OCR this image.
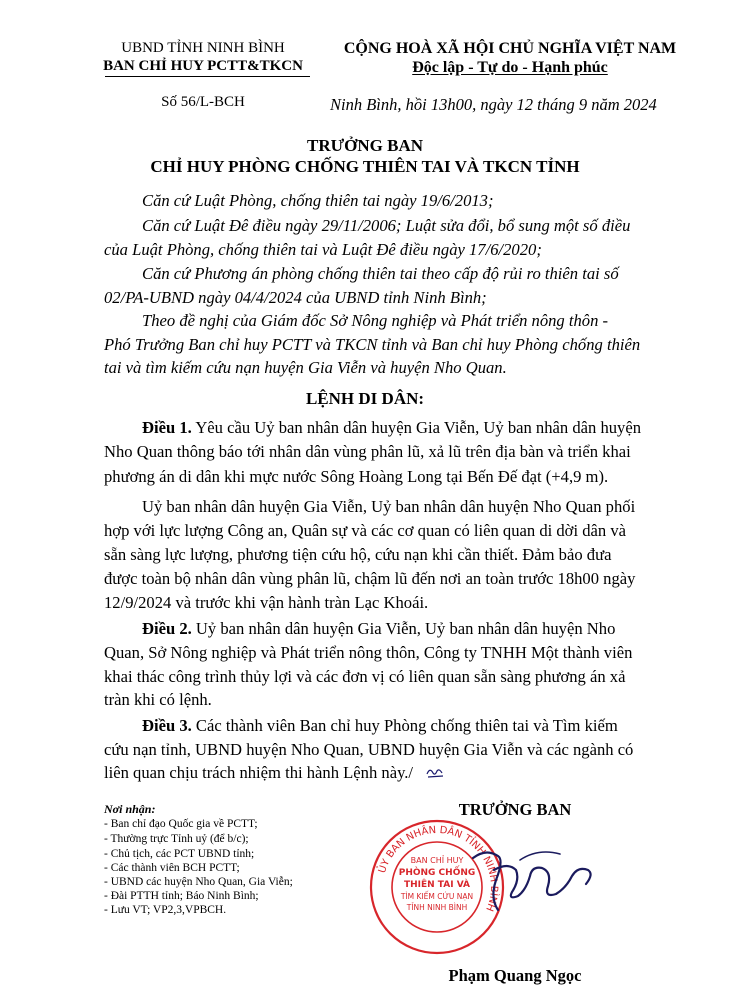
UBND TỈNH NINH BÌNH
BAN CHỈ HUY PCTT&TKCN
Số 56/L-BCH
CỘNG HOÀ XÃ HỘI CHỦ NGHĨA VIỆT NAM
Độc lập - Tự do - Hạnh phúc
Ninh Bình, hồi 13h00, ngày 12 tháng 9 năm 2024
TRƯỞNG BAN
CHỈ HUY PHÒNG CHỐNG THIÊN TAI VÀ TKCN TỈNH
Căn cứ Luật Phòng, chống thiên tai ngày 19/6/2013;
Căn cứ Luật Đê điều ngày 29/11/2006; Luật sửa đổi, bổ sung một số điều
của Luật Phòng, chống thiên tai và Luật Đê điều ngày 17/6/2020;
Căn cứ Phương án phòng chống thiên tai theo cấp độ rủi ro thiên tai số
02/PA-UBND ngày 04/4/2024 của UBND tỉnh Ninh Bình;
Theo đề nghị của Giám đốc Sở Nông nghiệp và Phát triển nông thôn -
Phó Trưởng Ban chỉ huy PCTT và TKCN tỉnh và Ban chỉ huy Phòng chống thiên
tai và tìm kiếm cứu nạn huyện Gia Viễn và huyện Nho Quan.
LỆNH DI DÂN:
Điều 1. Yêu cầu Uỷ ban nhân dân huyện Gia Viễn, Uỷ ban nhân dân huyện
Nho Quan thông báo tới nhân dân vùng phân lũ, xả lũ trên địa bàn và triển khai
phương án di dân khi mực nước Sông Hoàng Long tại Bến Đế đạt (+4,9 m).
Uỷ ban nhân dân huyện Gia Viễn, Uỷ ban nhân dân huyện Nho Quan phối
hợp với lực lượng Công an, Quân sự và các cơ quan có liên quan di dời dân và
sẵn sàng lực lượng, phương tiện cứu hộ, cứu nạn khi cần thiết. Đảm bảo đưa
được toàn bộ nhân dân vùng phân lũ, chậm lũ đến nơi an toàn trước 18h00 ngày
12/9/2024 và trước khi vận hành tràn Lạc Khoái.
Điều 2. Uỷ ban nhân dân huyện Gia Viễn, Uỷ ban nhân dân huyện Nho
Quan, Sở Nông nghiệp và Phát triển nông thôn, Công ty TNHH Một thành viên
khai thác công trình thủy lợi và các đơn vị có liên quan sẵn sàng phương án xả
tràn khi có lệnh.
Điều 3. Các thành viên Ban chỉ huy Phòng chống thiên tai và Tìm kiếm
cứu nạn tỉnh, UBND huyện Nho Quan, UBND huyện Gia Viễn và các ngành có
liên quan chịu trách nhiệm thi hành Lệnh này./
Nơi nhận:
- Ban chỉ đạo Quốc gia về PCTT;
- Thường trực Tỉnh uỷ (để b/c);
- Chủ tịch, các PCT UBND tỉnh;
- Các thành viên BCH PCTT;
- UBND các huyện Nho Quan, Gia Viễn;
- Đài PTTH tỉnh; Báo Ninh Bình;
- Lưu VT; VP2,3,VPBCH.
TRƯỞNG BAN
ỦY BAN NHÂN DÂN TỈNH NINH BÌNH
BAN CHỈ HUY
PHÒNG CHỐNG
THIÊN TAI VÀ
TÌM KIẾM CỨU NẠN
TỈNH NINH BÌNH
Phạm Quang Ngọc
